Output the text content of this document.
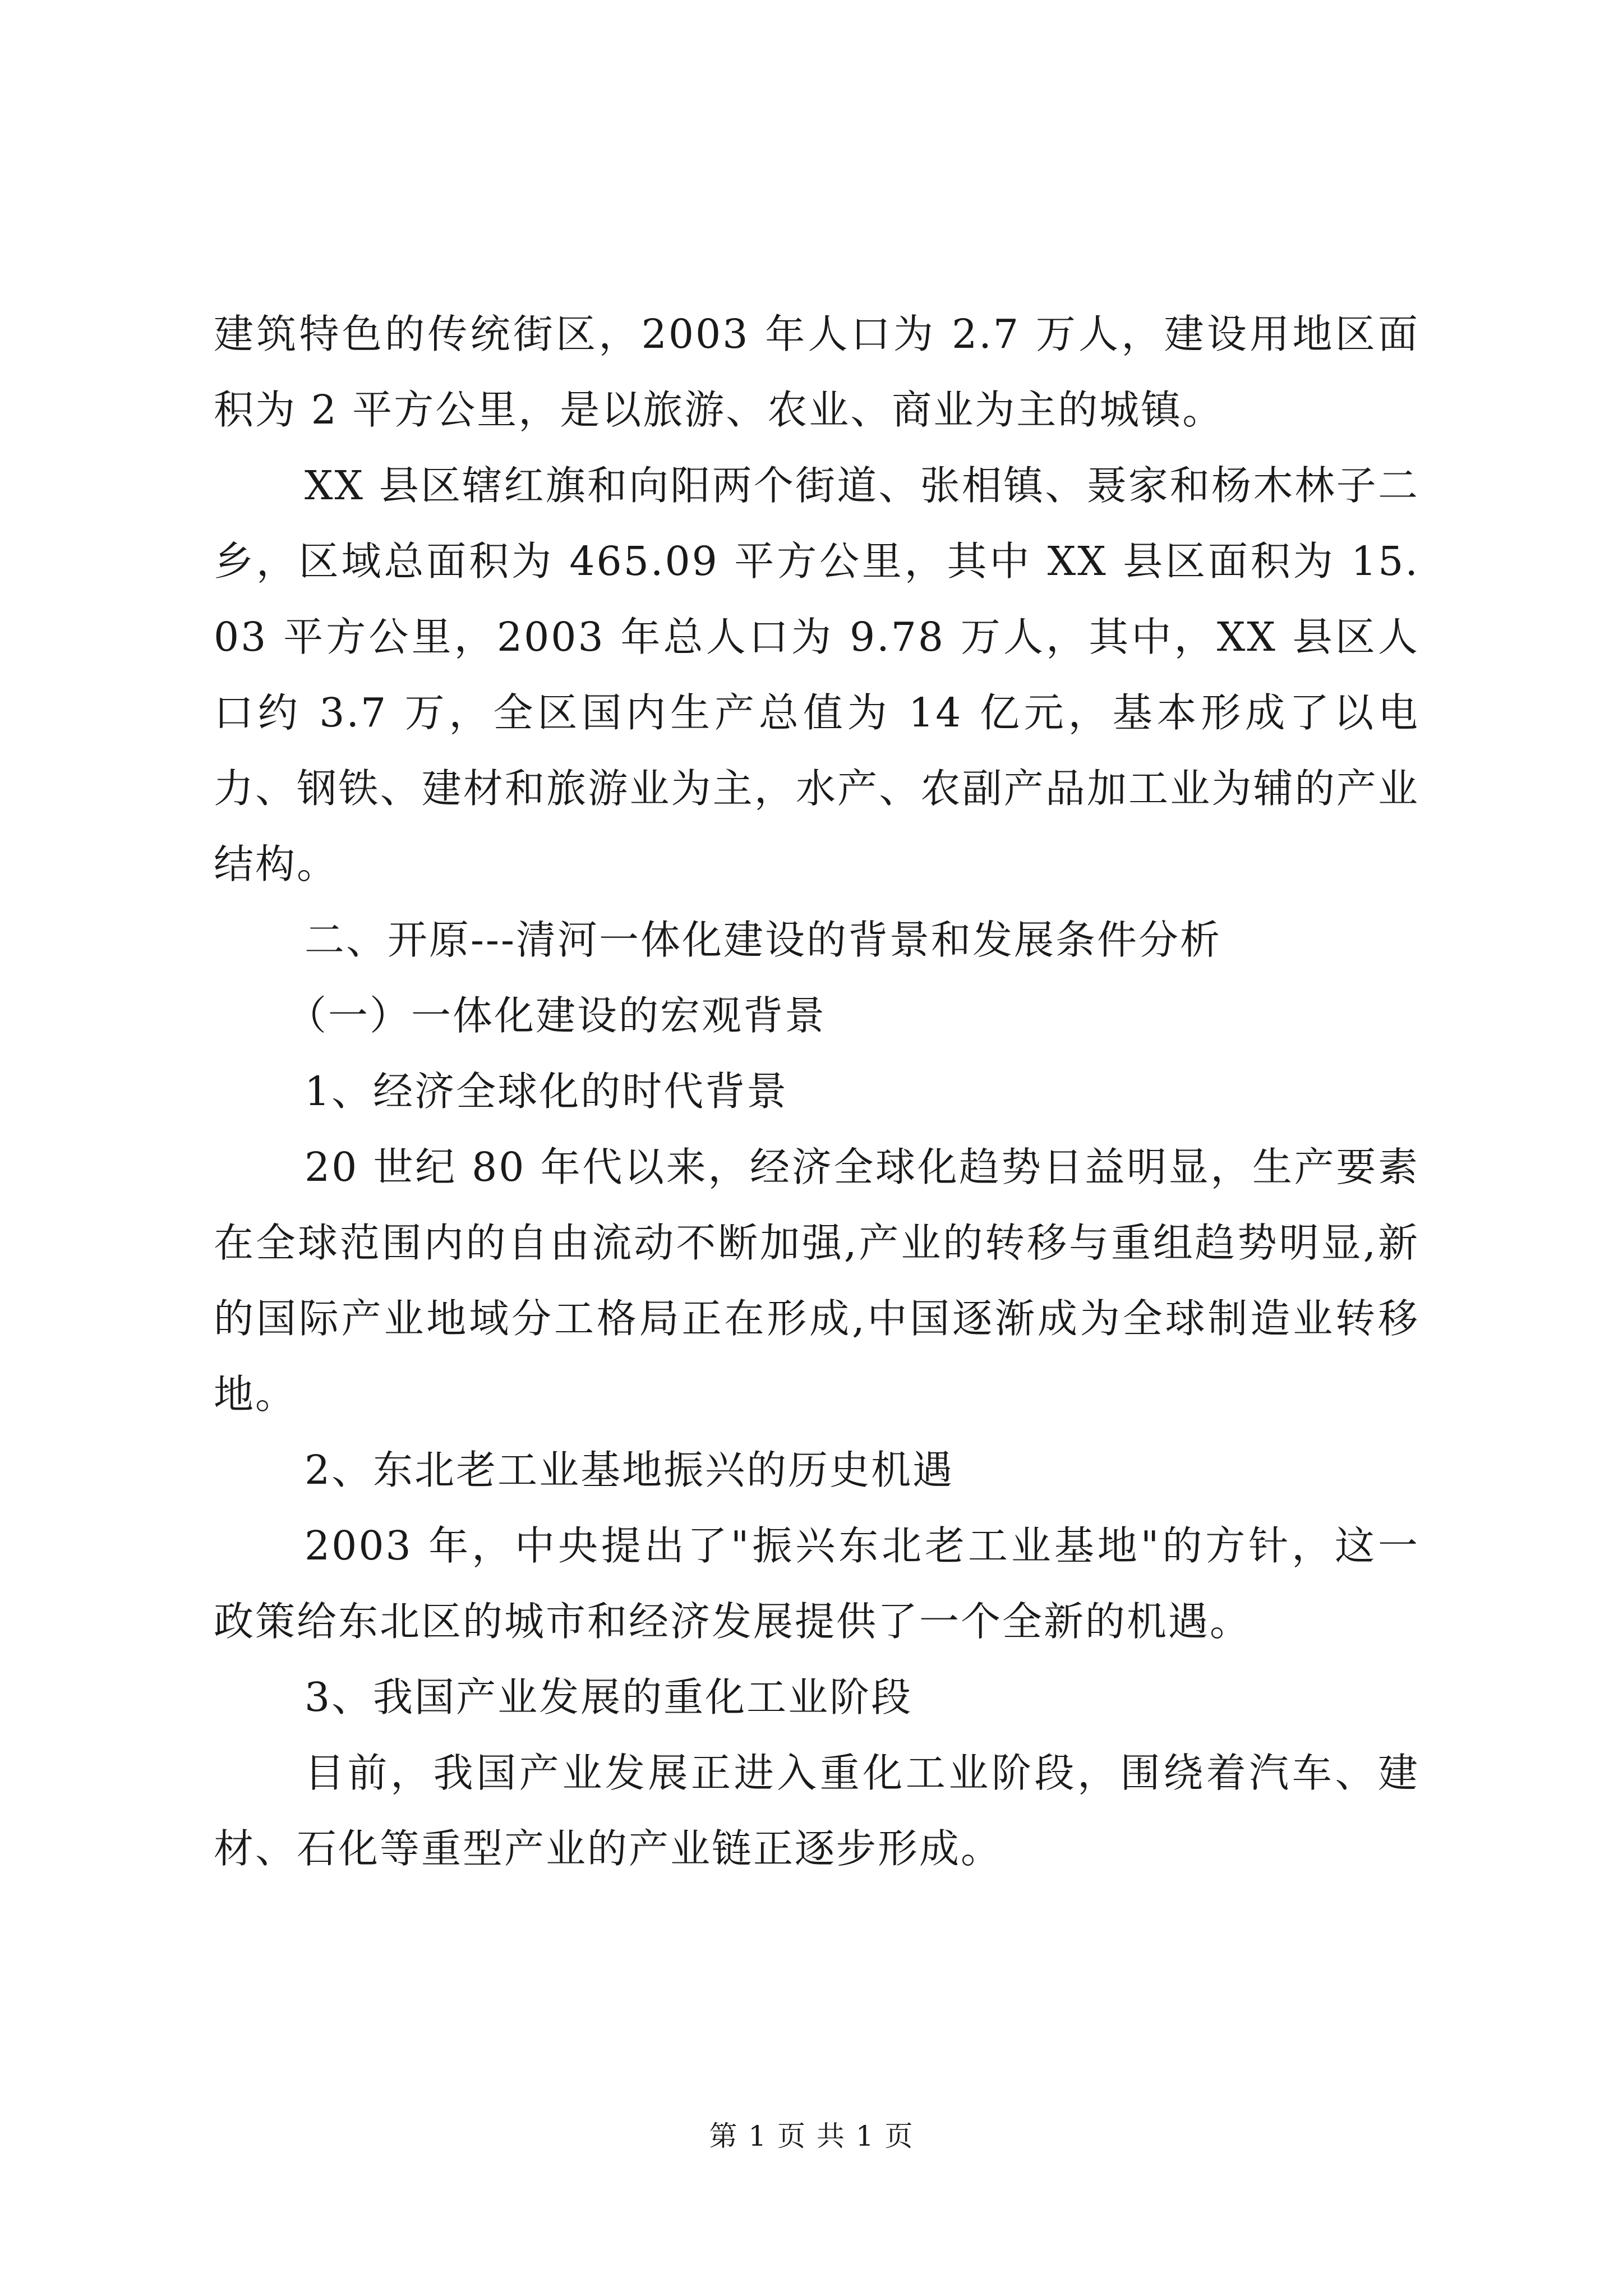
建筑特色的传统街区，2003 年人口为 2.7 万人，建设用地区面积为 2 平方公里，是以旅游、农业、商业为主的城镇。

XX 县区辖红旗和向阳两个街道、张相镇、聂家和杨木林子二乡，区域总面积为 465.09 平方公里，其中 XX 县区面积为 15.03 平方公里，2003 年总人口为 9.78 万人，其中，XX 县区人口约 3.7 万，全区国内生产总值为 14 亿元，基本形成了以电力、钢铁、建材和旅游业为主，水产、农副产品加工业为辅的产业结构。

二、开原---清河一体化建设的背景和发展条件分析

（一）一体化建设的宏观背景

1、经济全球化的时代背景

20 世纪 80 年代以来，经济全球化趋势日益明显，生产要素在全球范围内的自由流动不断加强,产业的转移与重组趋势明显,新的国际产业地域分工格局正在形成,中国逐渐成为全球制造业转移地。

2、东北老工业基地振兴的历史机遇

2003 年，中央提出了"振兴东北老工业基地"的方针，这一政策给东北区的城市和经济发展提供了一个全新的机遇。

3、我国产业发展的重化工业阶段

目前，我国产业发展正进入重化工业阶段，围绕着汽车、建材、石化等重型产业的产业链正逐步形成。

第 1 页 共 1 页
